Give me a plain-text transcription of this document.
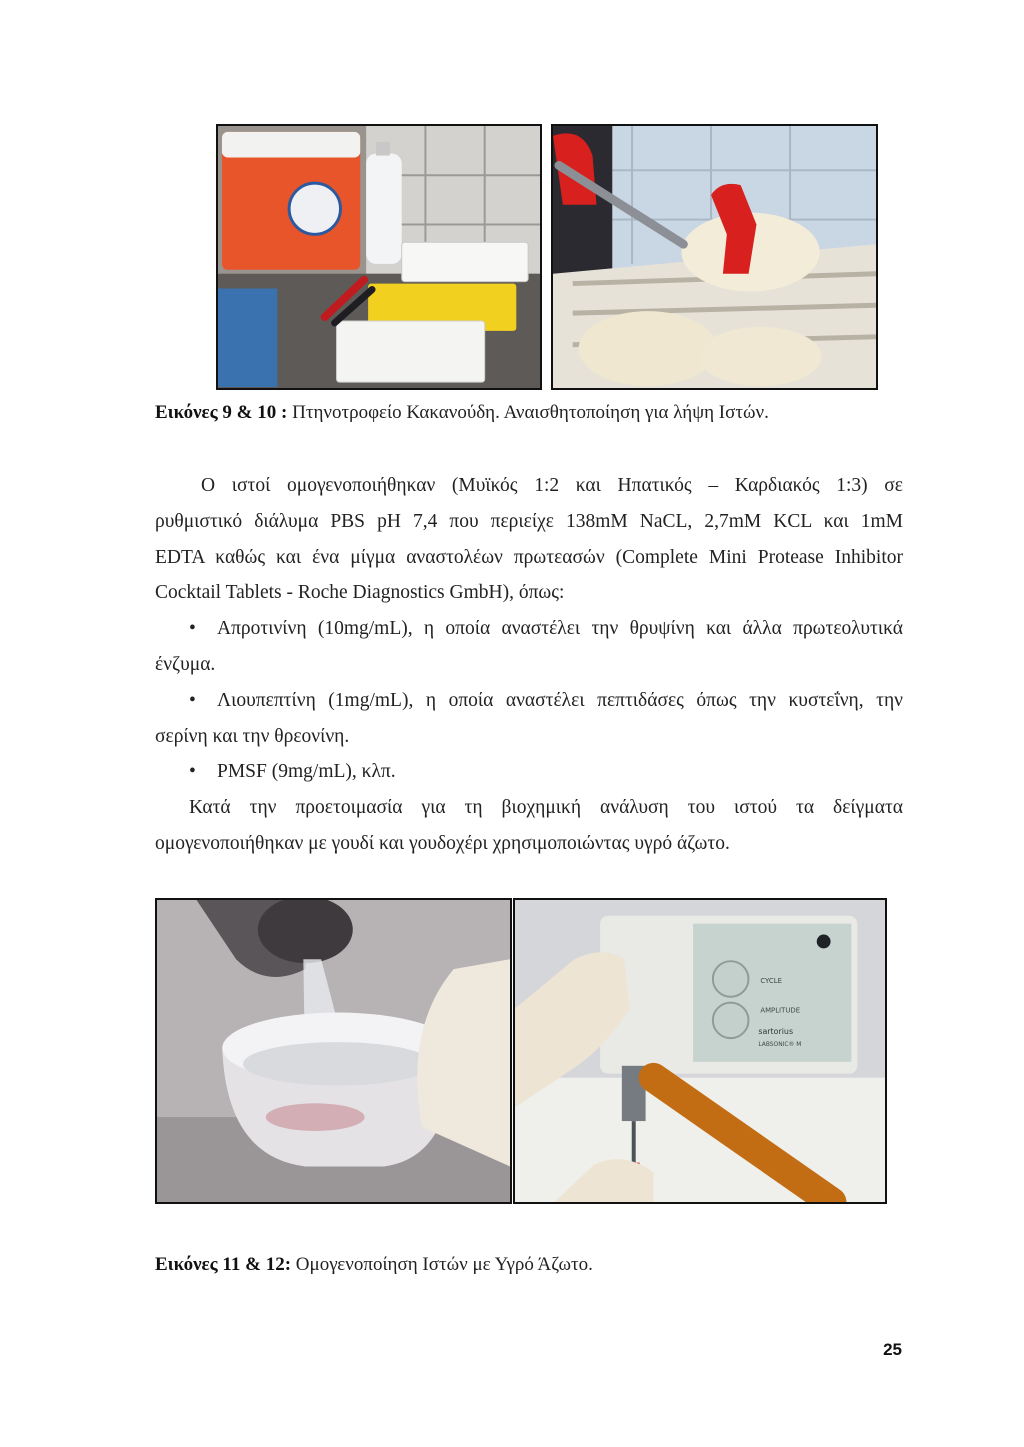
Εικόνες 9 & 10 : Πτηνοτροφείο Κακανούδη. Αναισθητοποίηση για λήψη Ιστών.

Ο ιστοί ομογενοποιήθηκαν (Μυϊκός 1:2 και Ηπατικός – Καρδιακός 1:3) σε

ρυθμιστικό διάλυμα PBS pH 7,4 που περιείχε 138mM NaCL, 2,7mM KCL και 1mM

EDTA καθώς και ένα μίγμα αναστολέων πρωτεασών (Complete Mini Protease Inhibitor

Cocktail Tablets - Roche Diagnostics GmbH), όπως:

• Απροτινίνη (10mg/mL), η οποία αναστέλει την θρυψίνη και άλλα πρωτεολυτικά

ένζυμα.

• Λιουπεπτίνη (1mg/mL), η οποία αναστέλει πεπτιδάσες όπως την κυστεΐνη, την

σερίνη και την θρεονίνη.

• PMSF (9mg/mL), κλπ.

Κατά την προετοιμασία για τη βιοχημική ανάλυση του ιστού τα δείγματα

ομογενοποιήθηκαν με γουδί και γουδοχέρι χρησιμοποιώντας υγρό άζωτο.

CYCLE
AMPLITUDE
sartorius
LABSONIC® M
Εικόνες 11 & 12: Ομογενοποίηση Ιστών με Υγρό Άζωτο.
25
